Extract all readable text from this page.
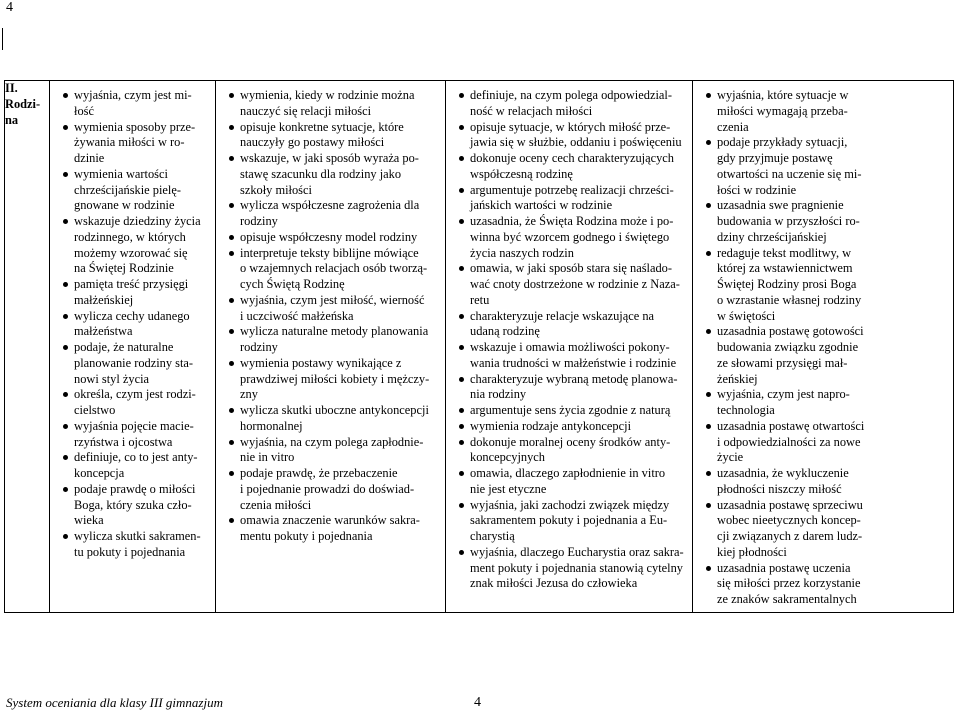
4
II.
Rodzi-
na

wyjaśnia, czym jest mi-
łość
wymienia sposoby prze-
żywania miłości w ro-
dzinie
wymienia wartości
chrześcijańskie pielę-
gnowane w rodzinie
wskazuje dziedziny życia
rodzinnego, w których
możemy wzorować się
na Świętej Rodzinie
pamięta treść przysięgi
małżeńskiej
wylicza cechy udanego
małżeństwa
podaje, że naturalne
planowanie rodziny sta-
nowi styl życia
określa, czym jest rodzi-
cielstwo
wyjaśnia pojęcie macie-
rzyństwa i ojcostwa
definiuje, co to jest anty-
koncepcja
podaje prawdę o miłości
Boga, który szuka czło-
wieka
wylicza skutki sakramen-
tu pokuty i pojednania

wymienia, kiedy w rodzinie można
nauczyć się relacji miłości
opisuje konkretne sytuacje, które
nauczyły go postawy miłości
wskazuje, w jaki sposób wyraża po-
stawę szacunku dla rodziny jako
szkoły miłości
wylicza współczesne zagrożenia dla
rodziny
opisuje współczesny model rodziny
interpretuje teksty biblijne mówiące
o wzajemnych relacjach osób tworzą-
cych Świętą Rodzinę
wyjaśnia, czym jest miłość, wierność
i uczciwość małżeńska
wylicza naturalne metody planowania
rodziny
wymienia postawy wynikające z
prawdziwej miłości kobiety i mężczy-
zny
wylicza skutki uboczne antykoncepcji
hormonalnej
wyjaśnia, na czym polega zapłodnie-
nie in vitro
podaje prawdę, że przebaczenie
i pojednanie prowadzi do doświad-
czenia miłości
omawia znaczenie warunków sakra-
mentu pokuty i pojednania

definiuje, na czym polega odpowiedzial-
ność w relacjach miłości
opisuje sytuacje, w których miłość prze-
jawia się w służbie, oddaniu i poświęceniu
dokonuje oceny cech charakteryzujących
współczesną rodzinę
argumentuje potrzebę realizacji chrześci-
jańskich wartości w rodzinie
uzasadnia, że Święta Rodzina może i po-
winna być wzorcem godnego i świętego
życia naszych rodzin
omawia, w jaki sposób stara się naślado-
wać cnoty dostrzeżone w rodzinie z Naza-
retu
charakteryzuje relacje wskazujące na
udaną rodzinę
wskazuje i omawia możliwości pokony-
wania trudności w małżeństwie i rodzinie
charakteryzuje wybraną metodę planowa-
nia rodziny
argumentuje sens życia zgodnie z naturą
wymienia rodzaje antykoncepcji
dokonuje moralnej oceny środków anty-
koncepcyjnych
omawia, dlaczego zapłodnienie in vitro
nie jest etyczne
wyjaśnia, jaki zachodzi związek między
sakramentem pokuty i pojednania a Eu-
charystią
wyjaśnia, dlaczego Eucharystia oraz sakra-
ment pokuty i pojednania stanowią cytelny
znak miłości Jezusa do człowieka

wyjaśnia, które sytuacje w
miłości wymagają przeba-
czenia
podaje przykłady sytuacji,
gdy przyjmuje postawę
otwartości na uczenie się mi-
łości w rodzinie
uzasadnia swe pragnienie
budowania w przyszłości ro-
dziny chrześcijańskiej
redaguje tekst modlitwy, w
której za wstawiennictwem
Świętej Rodziny prosi Boga
o wzrastanie własnej rodziny
w świętości
uzasadnia postawę gotowości
budowania związku zgodnie
ze słowami przysięgi mał-
żeńskiej
wyjaśnia, czym jest napro-
technologia
uzasadnia postawę otwartości
i odpowiedzialności za nowe
życie
uzasadnia, że wykluczenie
płodności niszczy miłość
uzasadnia postawę sprzeciwu
wobec nieetycznych koncep-
cji związanych z darem ludz-
kiej płodności
uzasadnia postawę uczenia
się miłości przez korzystanie
ze znaków sakramentalnych
System oceniania dla klasy III gimnazjum	4
